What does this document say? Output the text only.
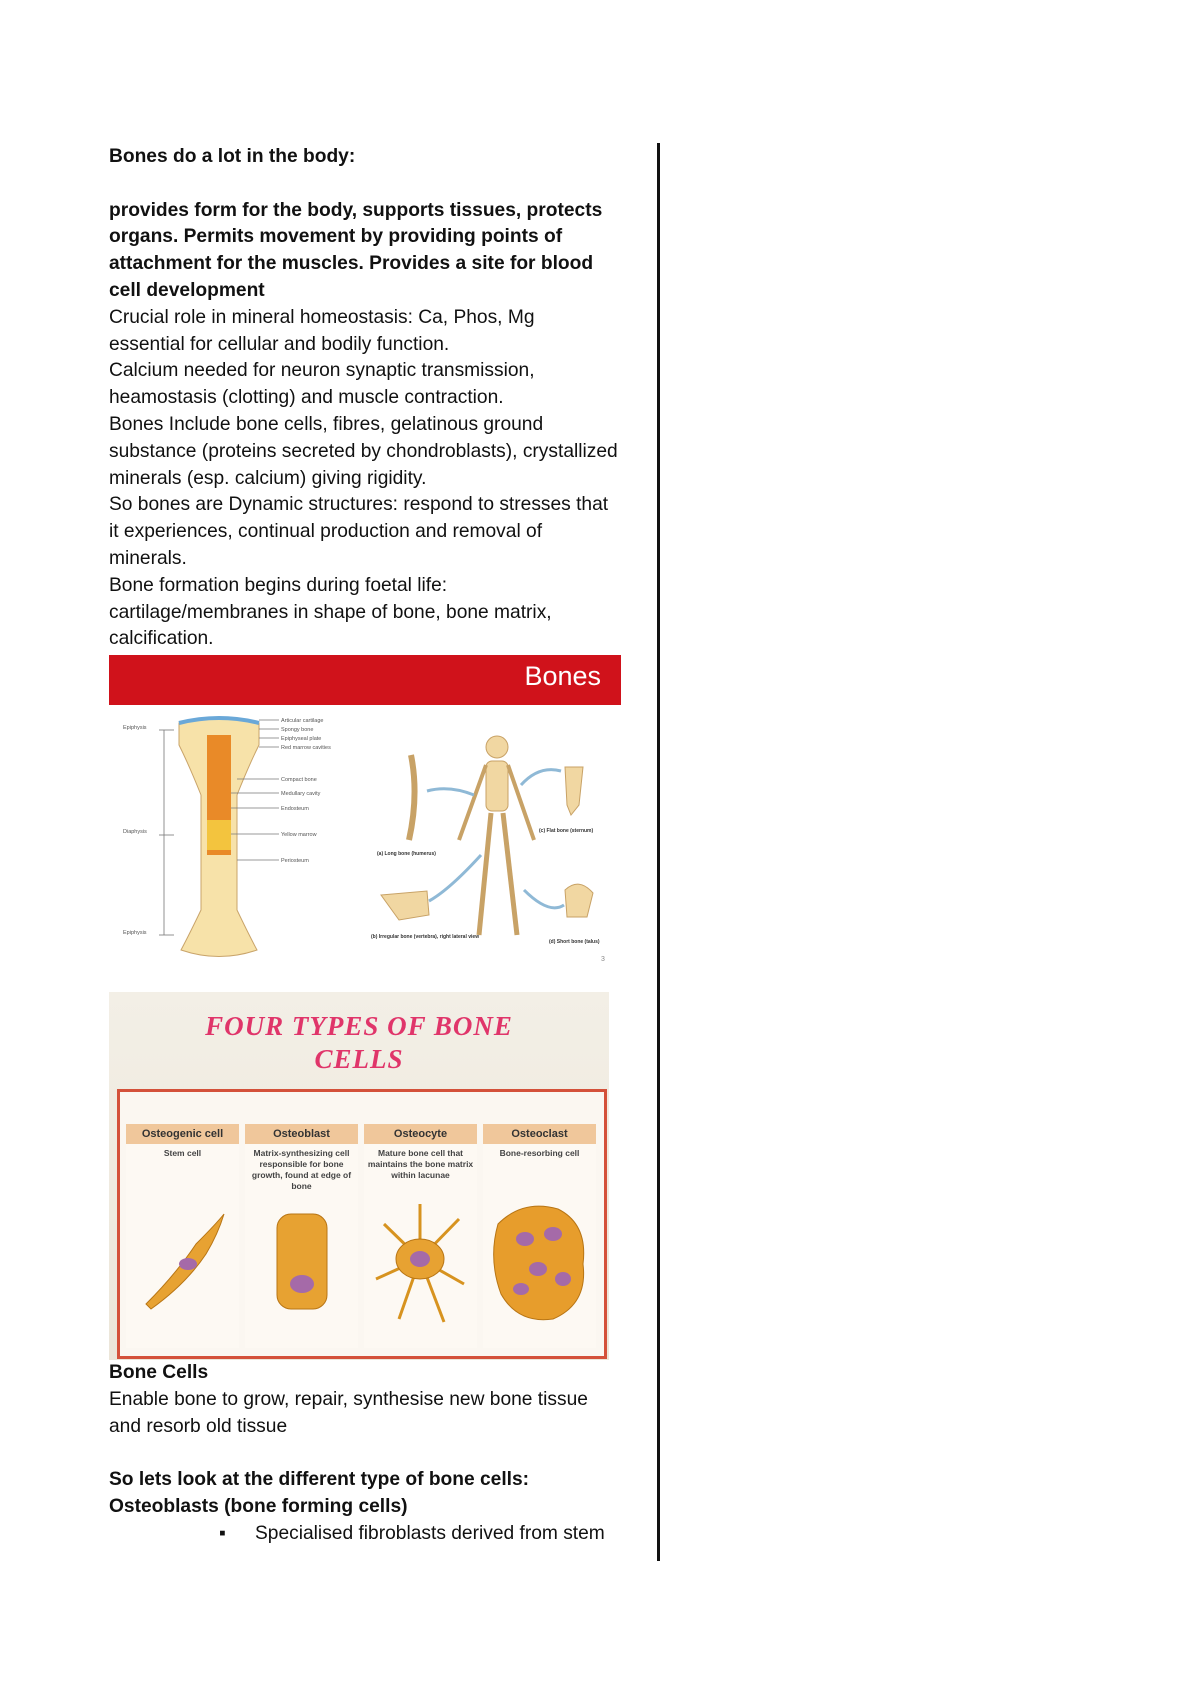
Bones do a lot in the body:

provides form for the body, supports tissues, protects

organs. Permits movement by providing points of

attachment for the muscles. Provides a site for blood

cell development

Crucial role in mineral homeostasis: Ca, Phos, Mg

essential for cellular and bodily function.

Calcium needed for neuron synaptic transmission,

heamostasis (clotting) and muscle contraction.

Bones Include bone cells, fibres, gelatinous ground

substance (proteins secreted by chondroblasts), crystallized

minerals (esp. calcium) giving rigidity.

So bones are Dynamic structures: respond to stresses that

it experiences, continual production and removal of

minerals.

Bone formation begins during foetal life:

cartilage/membranes in shape of bone, bone matrix,

calcification.

Bones
Articular cartilage
Spongy bone
Epiphyseal plate
Red marrow cavities
Compact bone
Medullary cavity
Endosteum
Yellow marrow
Periosteum
Epiphysis
Diaphysis
Epiphysis
(a) Long bone (humerus)
(c) Flat bone (sternum)
(b) Irregular bone (vertebra), right lateral view
(d) Short bone (talus)
3
FOUR TYPES OF BONE
CELLS
Osteogenic cell
Stem cell
Osteoblast
Matrix-synthesizing cell responsible for bone growth, found at edge of bone
Osteocyte
Mature bone cell that maintains the bone matrix within lacunae
Osteoclast
Bone-resorbing cell

Bone Cells

Enable bone to grow, repair, synthesise new bone tissue

and resorb old tissue

So lets look at the different type of bone cells:

Osteoblasts (bone forming cells)

▪ Specialised fibroblasts derived from stem
